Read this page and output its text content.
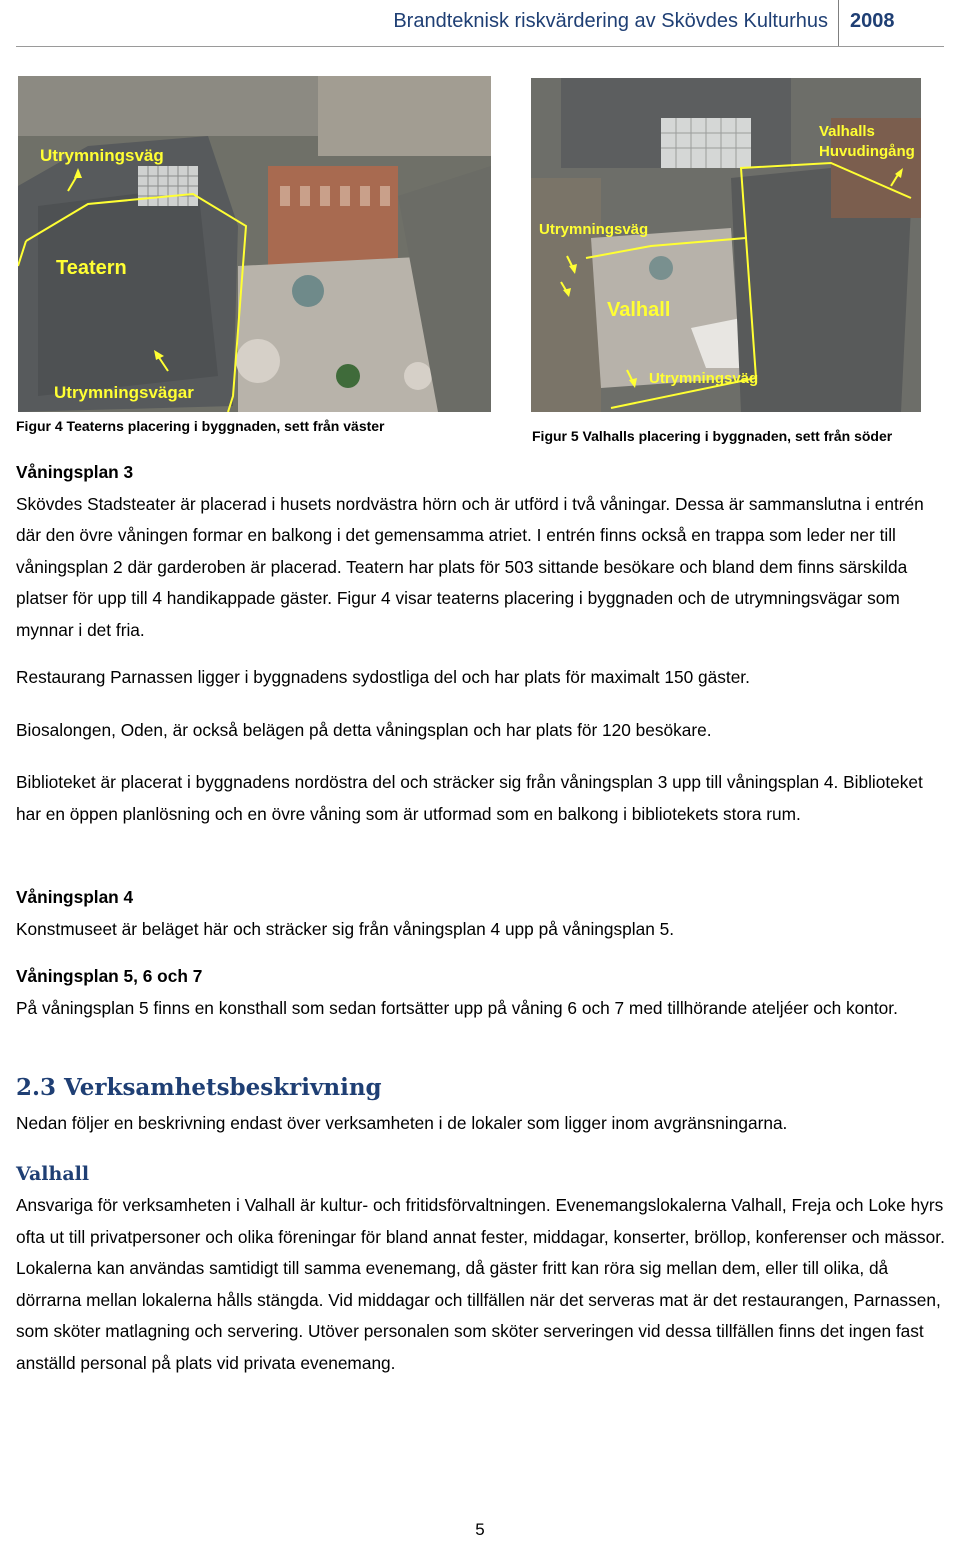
Brandteknisk riskvärdering av Skövdes Kulturhus 2008
Utrymningsväg
Teatern
Utrymningsvägar
Figur 4 Teaterns placering i byggnaden, sett från väster
Valhalls
Huvudingång
Utrymningsväg
Valhall
Utrymningsväg
Figur 5 Valhalls placering i byggnaden, sett från söder

Våningsplan 3

Skövdes Stadsteater är placerad i husets nordvästra hörn och är utförd i två våningar. Dessa är sammanslutna i entrén där den övre våningen formar en balkong i det gemensamma atriet. I entrén finns också en trappa som leder ner till våningsplan 2 där garderoben är placerad. Teatern har plats för 503 sittande besökare och bland dem finns särskilda platser för upp till 4 handikappade gäster. Figur 4 visar teaterns placering i byggnaden och de utrymningsvägar som mynnar i det fria.

Restaurang Parnassen ligger i byggnadens sydostliga del och har plats för maximalt 150 gäster.
Biosalongen, Oden, är också belägen på detta våningsplan och har plats för 120 besökare.
Biblioteket är placerat i byggnadens nordöstra del och sträcker sig från våningsplan 3 upp till våningsplan 4. Biblioteket har en öppen planlösning och en övre våning som är utformad som en balkong i bibliotekets stora rum.

Våningsplan 4

Konstmuseet är beläget här och sträcker sig från våningsplan 4 upp på våningsplan 5.

Våningsplan 5, 6 och 7

På våningsplan 5 finns en konsthall som sedan fortsätter upp på våning 6 och 7 med tillhörande ateljéer och kontor.

2.3 Verksamhetsbeskrivning
Nedan följer en beskrivning endast över verksamheten i de lokaler som ligger inom avgränsningarna.
Valhall
Ansvariga för verksamheten i Valhall är kultur- och fritidsförvaltningen. Evenemangslokalerna Valhall, Freja och Loke hyrs ofta ut till privatpersoner och olika föreningar för bland annat fester, middagar, konserter, bröllop, konferenser och mässor. Lokalerna kan användas samtidigt till samma evenemang, då gäster fritt kan röra sig mellan dem, eller till olika, då dörrarna mellan lokalerna hålls stängda. Vid middagar och tillfällen när det serveras mat är det restaurangen, Parnassen, som sköter matlagning och servering. Utöver personalen som sköter serveringen vid dessa tillfällen finns det ingen fast anställd personal på plats vid privata evenemang.
5
